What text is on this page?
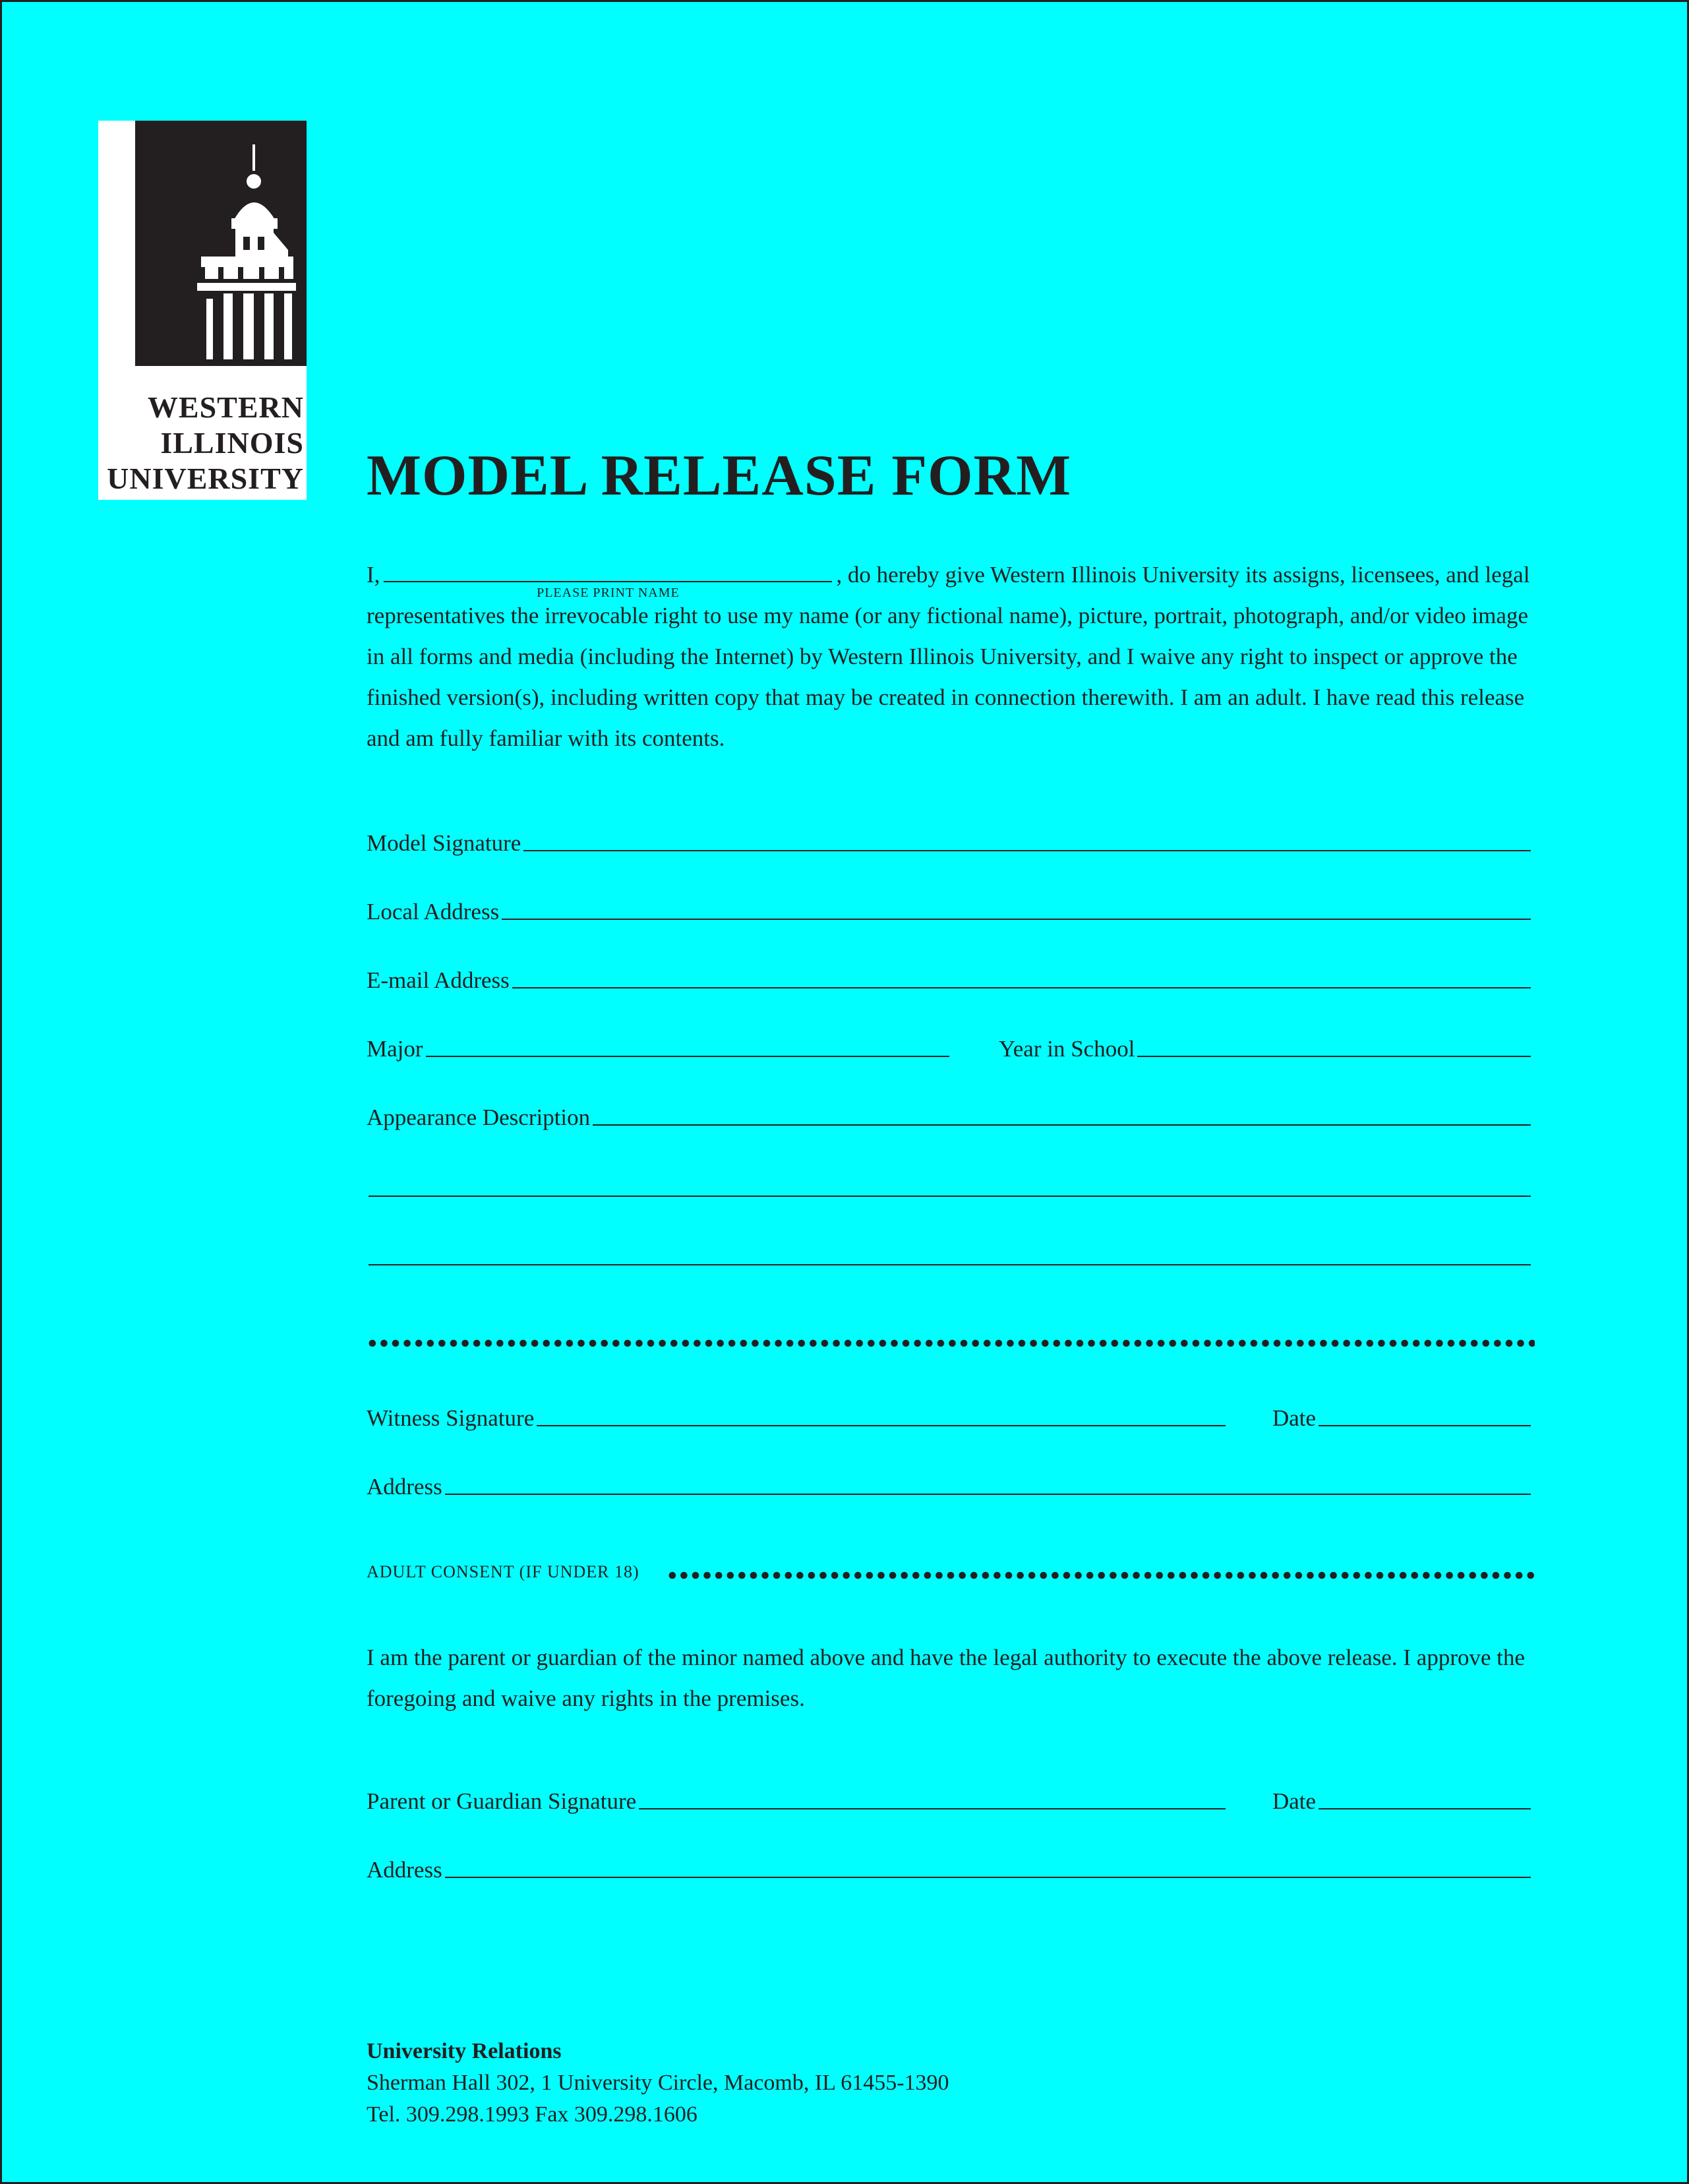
WESTERN
ILLINOIS
UNIVERSITY MODEL RELEASE FORM

I,
PLEASE PRINT NAME
, do hereby give Western Illinois University its assigns, licensees, and legal representatives the irrevocable right to use my name (or any fictional name), picture, portrait, photograph, and/or video image in all forms and media (including the Internet) by Western Illinois University, and I waive any right to inspect or approve the finished version(s), including written copy that may be created in connection therewith. I am an adult. I have read this release and am fully familiar with its contents.

Model Signature
Local Address
E-mail Address
Major	Year in School
Appearance Description
Witness Signature	Date
Address
ADULT CONSENT (IF UNDER 18)

I am the parent or guardian of the minor named above and have the legal authority to execute the above release. I approve the foregoing and waive any rights in the premises.

Parent or Guardian Signature	Date
Address
University Relations
Sherman Hall 302, 1 University Circle, Macomb, IL 61455-1390
Tel. 309.298.1993 Fax 309.298.1606
